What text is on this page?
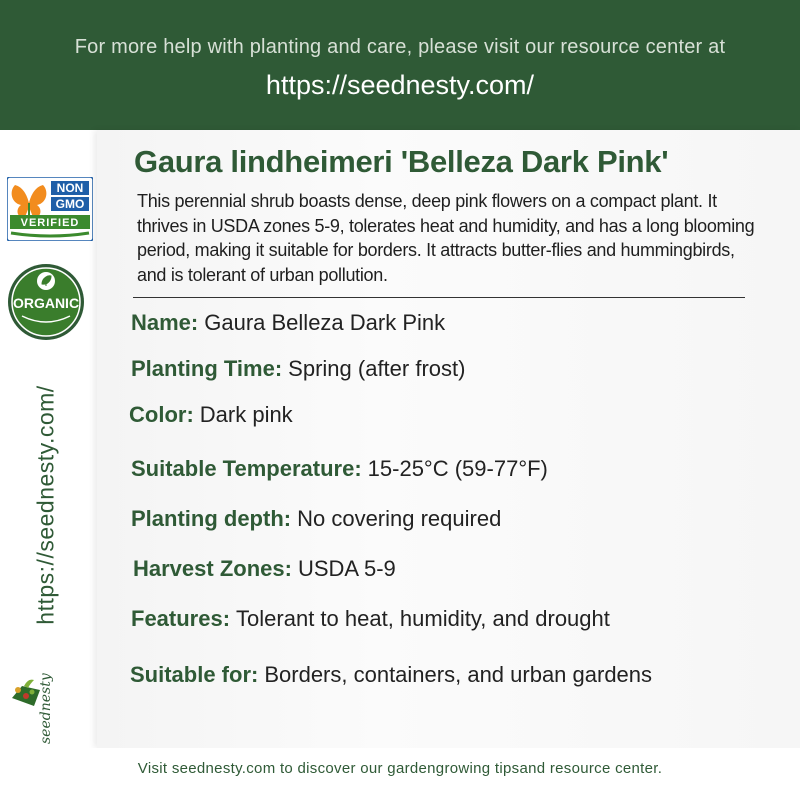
For more help with planting and care, please visit our resource center at
https://seednesty.com/
NON
GMO
VERIFIED
ORGANIC
https://seednesty.com/
seednesty
Gaura lindheimeri 'Belleza Dark Pink'
This perennial shrub boasts dense, deep pink flowers on a compact plant. It thrives in USDA zones 5-9, tolerates heat and humidity, and has a long blooming period, making it suitable for borders. It attracts butter-flies and hummingbirds, and is tolerant of urban pollution.
Name: Gaura Belleza Dark Pink
Planting Time: Spring (after frost)
Color: Dark pink
Suitable Temperature: 15-25°C (59-77°F)
Planting depth: No covering required
Harvest Zones: USDA 5-9
Features: Tolerant to heat, humidity, and drought
Suitable for: Borders, containers, and urban gardens
Visit seednesty.com to discover our gardengrowing tipsand resource center.
